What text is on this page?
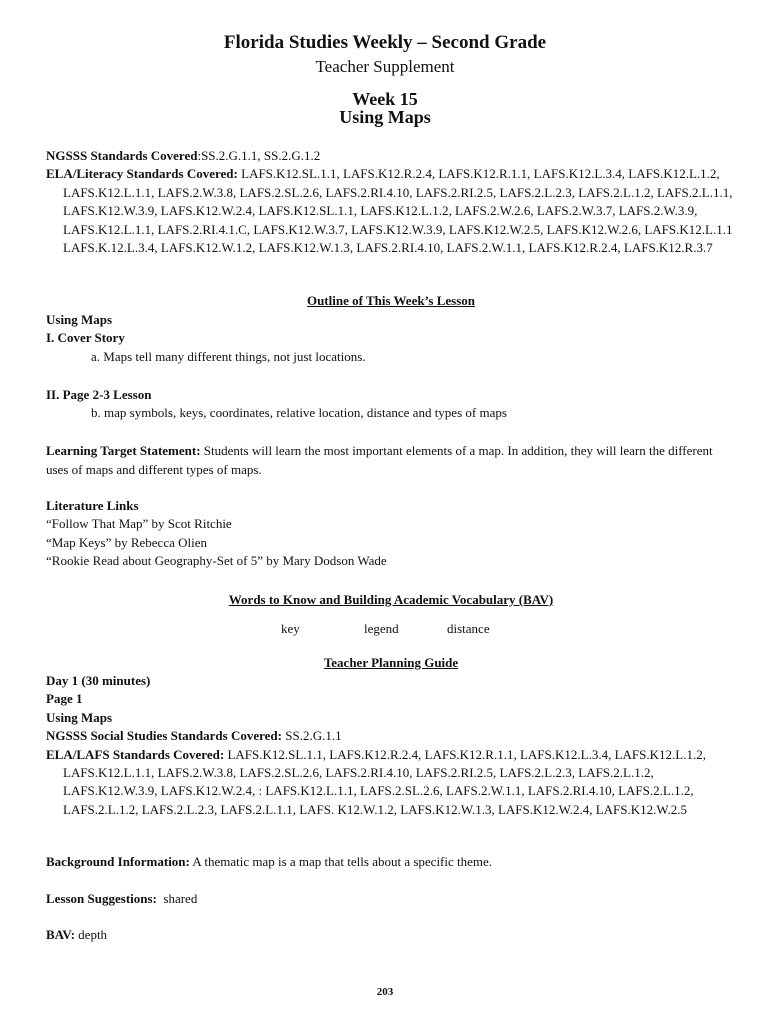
Florida Studies Weekly – Second Grade
Teacher Supplement
Week 15
Using Maps
NGSSS Standards Covered:SS.2.G.1.1, SS.2.G.1.2
ELA/Literacy Standards Covered: LAFS.K12.SL.1.1, LAFS.K12.R.2.4, LAFS.K12.R.1.1, LAFS.K12.L.3.4, LAFS.K12.L.1.2, LAFS.K12.L.1.1, LAFS.2.W.3.8, LAFS.2.SL.2.6, LAFS.2.RI.4.10, LAFS.2.RI.2.5, LAFS.2.L.2.3, LAFS.2.L.1.2, LAFS.2.L.1.1, LAFS.K12.W.3.9, LAFS.K12.W.2.4, LAFS.K12.SL.1.1, LAFS.K12.L.1.2, LAFS.2.W.2.6, LAFS.2.W.3.7, LAFS.2.W.3.9, LAFS.K12.L.1.1, LAFS.2.RI.4.1.C, LAFS.K12.W.3.7, LAFS.K12.W.3.9, LAFS.K12.W.2.5, LAFS.K12.W.2.6, LAFS.K12.L.1.1 LAFS.K.12.L.3.4, LAFS.K12.W.1.2, LAFS.K12.W.1.3, LAFS.2.RI.4.10, LAFS.2.W.1.1, LAFS.K12.R.2.4, LAFS.K12.R.3.7
Outline of This Week’s Lesson
Using Maps
I. Cover Story
a. Maps tell many different things, not just locations.
II. Page 2-3 Lesson
b. map symbols, keys, coordinates, relative location, distance and types of maps
Learning Target Statement: Students will learn the most important elements of a map. In addition, they will learn the different uses of maps and different types of maps.
Literature Links
“Follow That Map” by Scot Ritchie
“Map Keys” by Rebecca Olien
“Rookie Read about Geography-Set of 5” by Mary Dodson Wade
Words to Know and Building Academic Vocabulary (BAV)
key	legend	distance
Teacher Planning Guide
Day 1 (30 minutes)
Page 1
Using Maps
NGSSS Social Studies Standards Covered: SS.2.G.1.1
ELA/LAFS Standards Covered: LAFS.K12.SL.1.1, LAFS.K12.R.2.4, LAFS.K12.R.1.1, LAFS.K12.L.3.4, LAFS.K12.L.1.2, LAFS.K12.L.1.1, LAFS.2.W.3.8, LAFS.2.SL.2.6, LAFS.2.RI.4.10, LAFS.2.RI.2.5, LAFS.2.L.2.3, LAFS.2.L.1.2, LAFS.K12.W.3.9, LAFS.K12.W.2.4, : LAFS.K12.L.1.1, LAFS.2.SL.2.6, LAFS.2.W.1.1, LAFS.2.RI.4.10, LAFS.2.L.1.2, LAFS.2.L.1.2, LAFS.2.L.2.3, LAFS.2.L.1.1, LAFS. K12.W.1.2, LAFS.K12.W.1.3, LAFS.K12.W.2.4, LAFS.K12.W.2.5
Background Information: A thematic map is a map that tells about a specific theme.
Lesson Suggestions:  shared
BAV: depth
203
